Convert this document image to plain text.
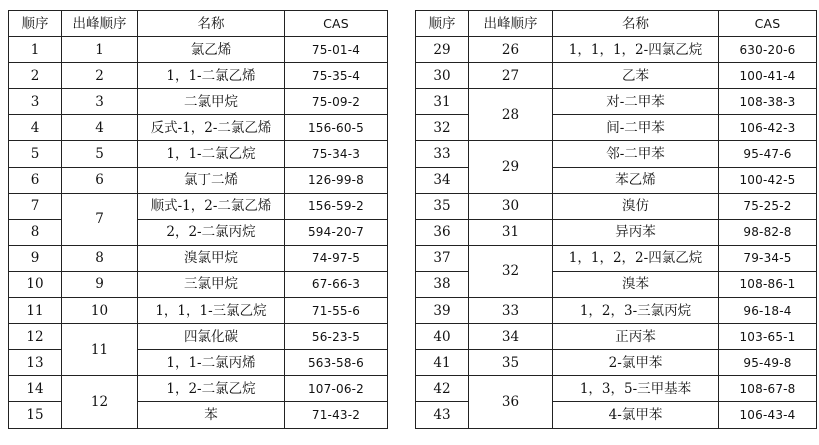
顺序	出峰顺序	名称	CAS
1	1	氯乙烯	75-01-4
2	2	1，1-二氯乙烯	75-35-4
3	3	二氯甲烷	75-09-2
4	4	反式-1，2-二氯乙烯	156-60-5
5	5	1，1-二氯乙烷	75-34-3
6	6	氯丁二烯	126-99-8
7	7	顺式-1，2-二氯乙烯	156-59-2
8		2，2-二氯丙烷	594-20-7
9	8	溴氯甲烷	74-97-5
10	9	三氯甲烷	67-66-3
11	10	1，1，1-三氯乙烷	71-55-6
12	11	四氯化碳	56-23-5
13		1，1-二氯丙烯	563-58-6
14	12	1，2-二氯乙烷	107-06-2
15		苯	71-43-2
顺序	出峰顺序	名称	CAS
29	26	1，1，1，2-四氯乙烷	630-20-6
30	27	乙苯	100-41-4
31	28	对-二甲苯	108-38-3
32		间-二甲苯	106-42-3
33	29	邻-二甲苯	95-47-6
34		苯乙烯	100-42-5
35	30	溴仿	75-25-2
36	31	异丙苯	98-82-8
37	32	1，1，2，2-四氯乙烷	79-34-5
38		溴苯	108-86-1
39	33	1，2，3-三氯丙烷	96-18-4
40	34	正丙苯	103-65-1
41	35	2-氯甲苯	95-49-8
42	36	1，3，5-三甲基苯	108-67-8
43		4-氯甲苯	106-43-4
